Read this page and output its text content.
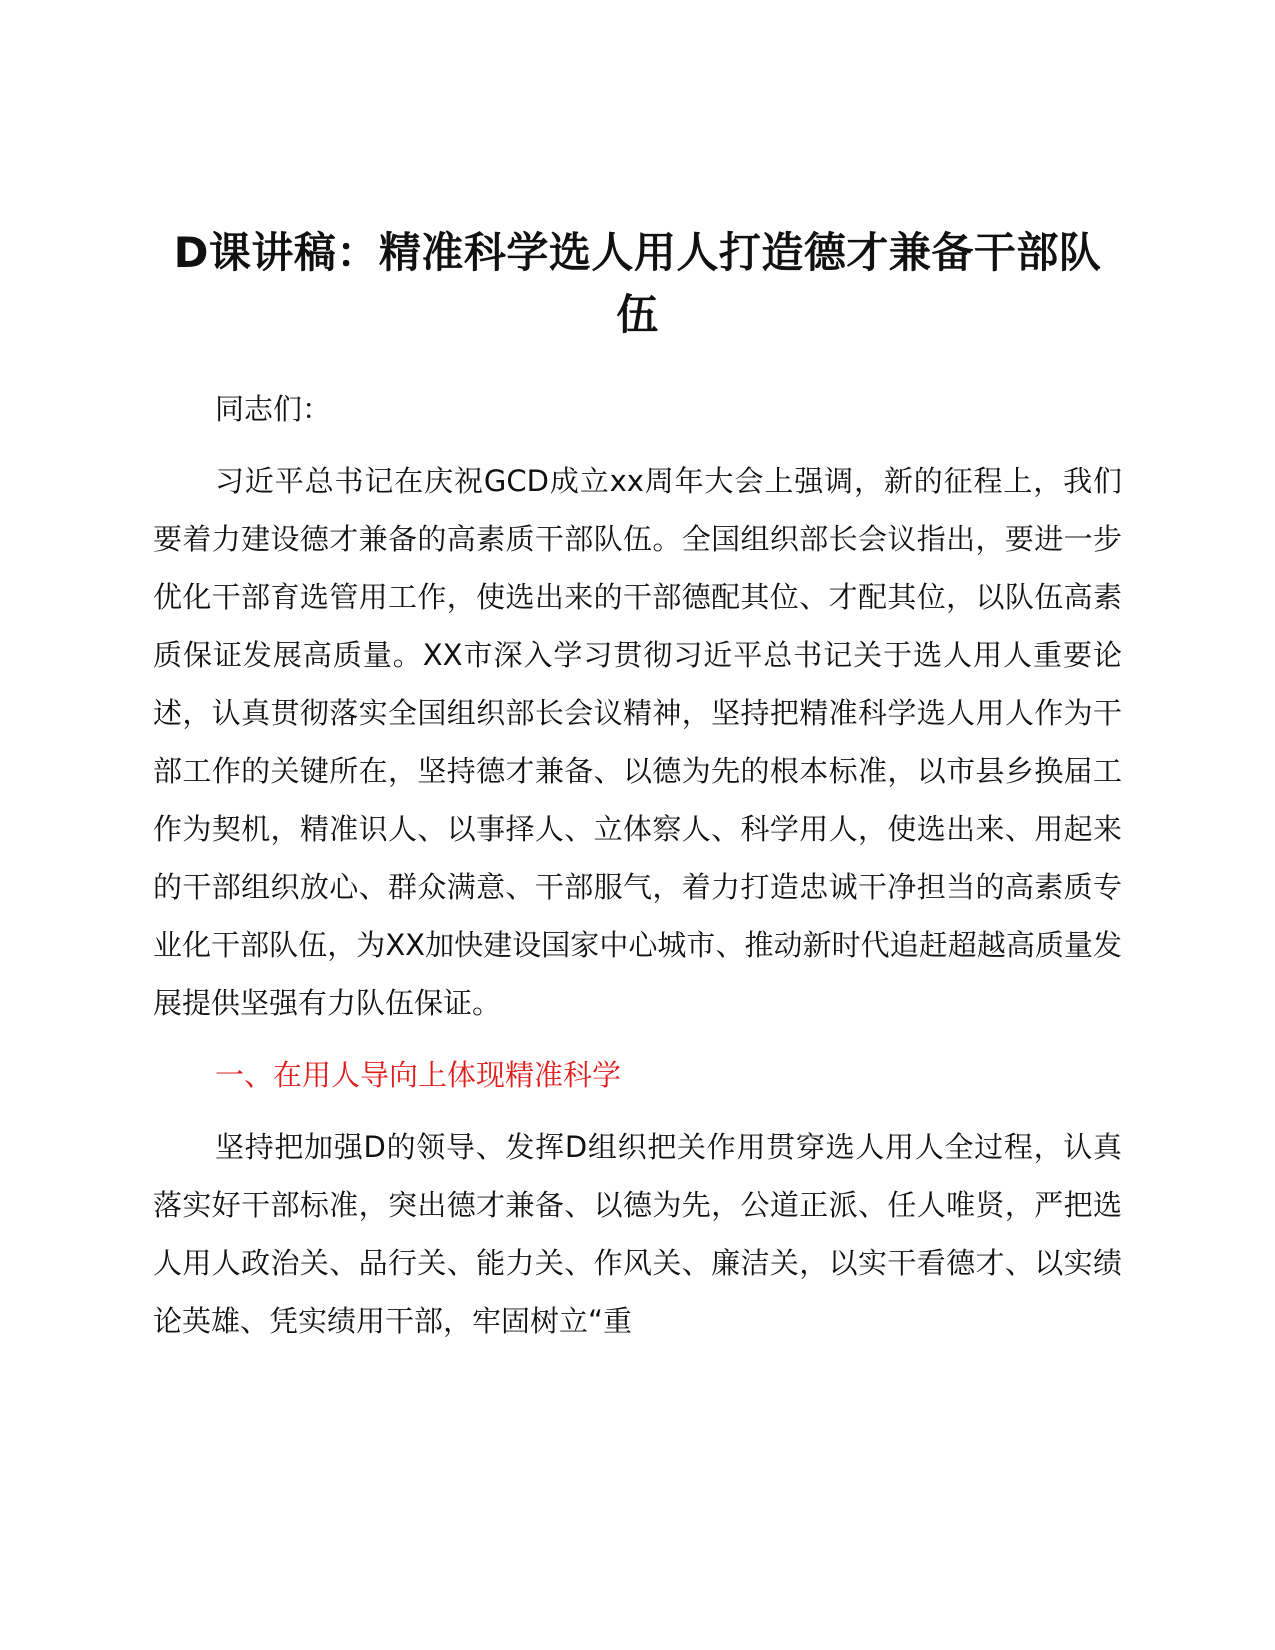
D课讲稿：精准科学选人用人打造德才兼备干部队伍

同志们：

习近平总书记在庆祝GCD成立xx周年大会上强调，新的征程上，我们要着力建设德才兼备的高素质干部队伍。全国组织部长会议指出，要进一步优化干部育选管用工作，使选出来的干部德配其位、才配其位，以队伍高素质保证发展高质量。XX市深入学习贯彻习近平总书记关于选人用人重要论述，认真贯彻落实全国组织部长会议精神，坚持把精准科学选人用人作为干部工作的关键所在，坚持德才兼备、以德为先的根本标准，以市县乡换届工作为契机，精准识人、以事择人、立体察人、科学用人，使选出来、用起来的干部组织放心、群众满意、干部服气，着力打造忠诚干净担当的高素质专业化干部队伍，为XX加快建设国家中心城市、推动新时代追赶超越高质量发展提供坚强有力队伍保证。

一、在用人导向上体现精准科学

坚持把加强D的领导、发挥D组织把关作用贯穿选人用人全过程，认真落实好干部标准，突出德才兼备、以德为先，公道正派、任人唯贤，严把选人用人政治关、品行关、能力关、作风关、廉洁关，以实干看德才、以实绩论英雄、凭实绩用干部，牢固树立“重
